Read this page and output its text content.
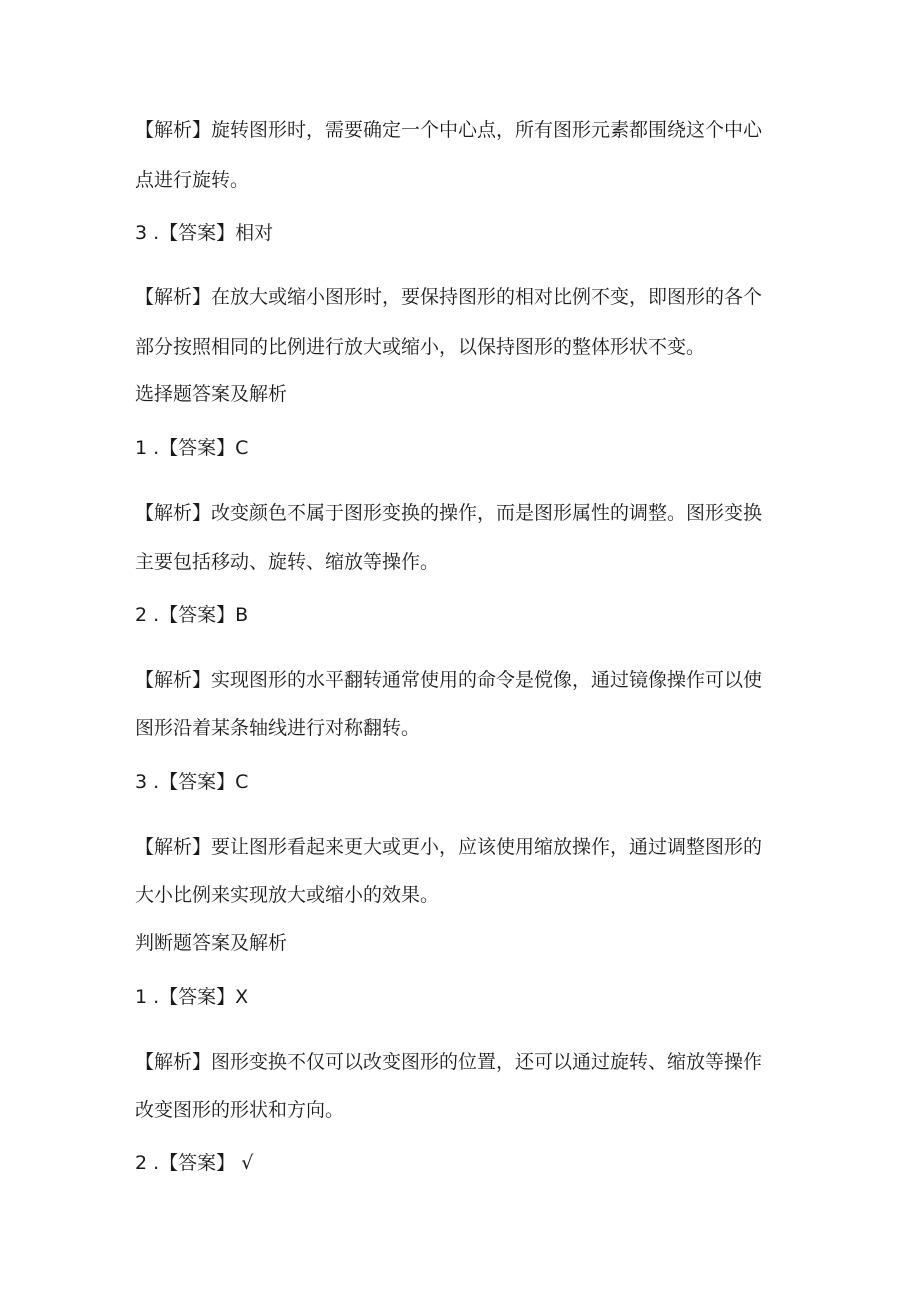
【解析】旋转图形时，需要确定一个中心点，所有图形元素都围绕这个中心
点进行旋转。
3 .【答案】相对
【解析】在放大或缩小图形时，要保持图形的相对比例不变，即图形的各个
部分按照相同的比例进行放大或缩小，以保持图形的整体形状不变。
选择题答案及解析
1 .【答案】C
【解析】改变颜色不属于图形变换的操作，而是图形属性的调整。图形变换
主要包括移动、旋转、缩放等操作。
2 .【答案】B
【解析】实现图形的水平翻转通常使用的命令是傥像，通过镜像操作可以使
图形沿着某条轴线进行对称翻转。
3 .【答案】C
【解析】要让图形看起来更大或更小，应该使用缩放操作，通过调整图形的
大小比例来实现放大或缩小的效果。
判断题答案及解析
1 .【答案】X
【解析】图形变换不仅可以改变图形的位置，还可以通过旋转、缩放等操作
改变图形的形状和方向。
2 .【答案】 √
